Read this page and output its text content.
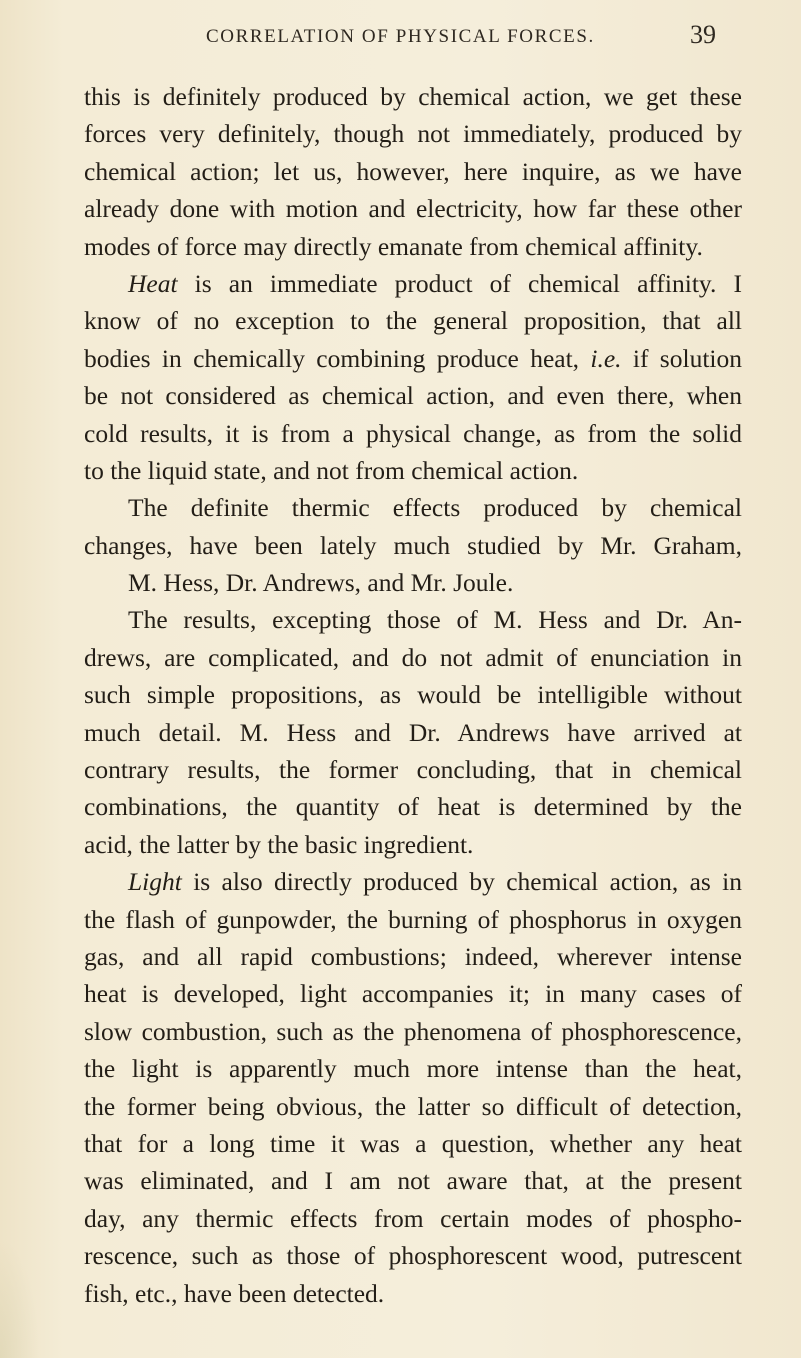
CORRELATION OF PHYSICAL FORCES.	39
this is definitely produced by chemical action, we get these
forces very definitely, though not immediately, produced by
chemical action; let us, however, here inquire, as we have
already done with motion and electricity, how far these other
modes of force may directly emanate from chemical affinity.
Heat is an immediate product of chemical affinity. I
know of no exception to the general proposition, that all
bodies in chemically combining produce heat, i.e. if solution
be not considered as chemical action, and even there, when
cold results, it is from a physical change, as from the solid
to the liquid state, and not from chemical action.
The definite thermic effects produced by chemical
changes, have been lately much studied by Mr. Graham,
M. Hess, Dr. Andrews, and Mr. Joule.
The results, excepting those of M. Hess and Dr. An-
drews, are complicated, and do not admit of enunciation in
such simple propositions, as would be intelligible without
much detail. M. Hess and Dr. Andrews have arrived at
contrary results, the former concluding, that in chemical
combinations, the quantity of heat is determined by the
acid, the latter by the basic ingredient.
Light is also directly produced by chemical action, as in
the flash of gunpowder, the burning of phosphorus in oxygen
gas, and all rapid combustions; indeed, wherever intense
heat is developed, light accompanies it; in many cases of
slow combustion, such as the phenomena of phosphorescence,
the light is apparently much more intense than the heat,
the former being obvious, the latter so difficult of detection,
that for a long time it was a question, whether any heat
was eliminated, and I am not aware that, at the present
day, any thermic effects from certain modes of phospho-
rescence, such as those of phosphorescent wood, putrescent
fish, etc., have been detected.
